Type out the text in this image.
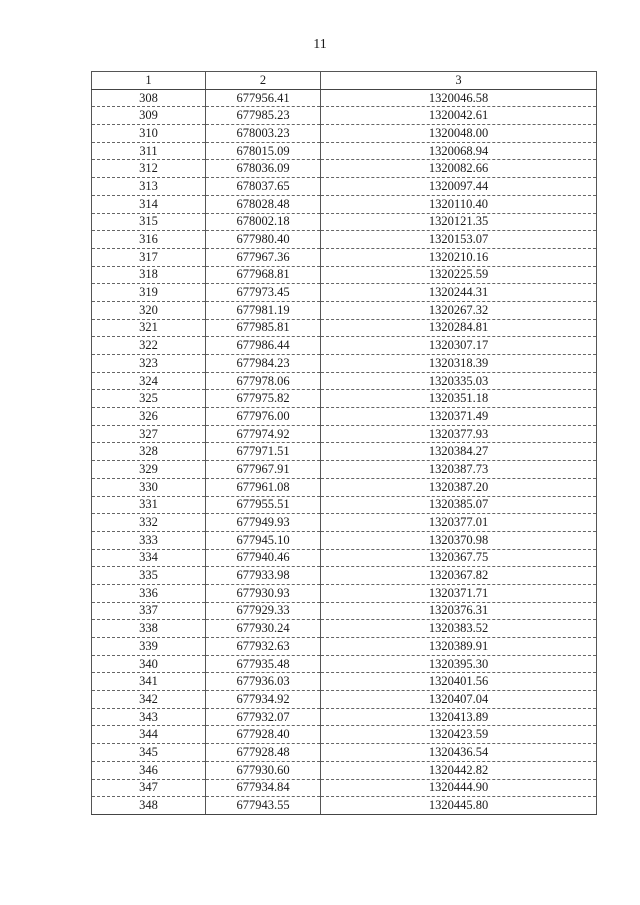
11
1	2	3
308	677956.41	1320046.58
309	677985.23	1320042.61
310	678003.23	1320048.00
311	678015.09	1320068.94
312	678036.09	1320082.66
313	678037.65	1320097.44
314	678028.48	1320110.40
315	678002.18	1320121.35
316	677980.40	1320153.07
317	677967.36	1320210.16
318	677968.81	1320225.59
319	677973.45	1320244.31
320	677981.19	1320267.32
321	677985.81	1320284.81
322	677986.44	1320307.17
323	677984.23	1320318.39
324	677978.06	1320335.03
325	677975.82	1320351.18
326	677976.00	1320371.49
327	677974.92	1320377.93
328	677971.51	1320384.27
329	677967.91	1320387.73
330	677961.08	1320387.20
331	677955.51	1320385.07
332	677949.93	1320377.01
333	677945.10	1320370.98
334	677940.46	1320367.75
335	677933.98	1320367.82
336	677930.93	1320371.71
337	677929.33	1320376.31
338	677930.24	1320383.52
339	677932.63	1320389.91
340	677935.48	1320395.30
341	677936.03	1320401.56
342	677934.92	1320407.04
343	677932.07	1320413.89
344	677928.40	1320423.59
345	677928.48	1320436.54
346	677930.60	1320442.82
347	677934.84	1320444.90
348	677943.55	1320445.80
